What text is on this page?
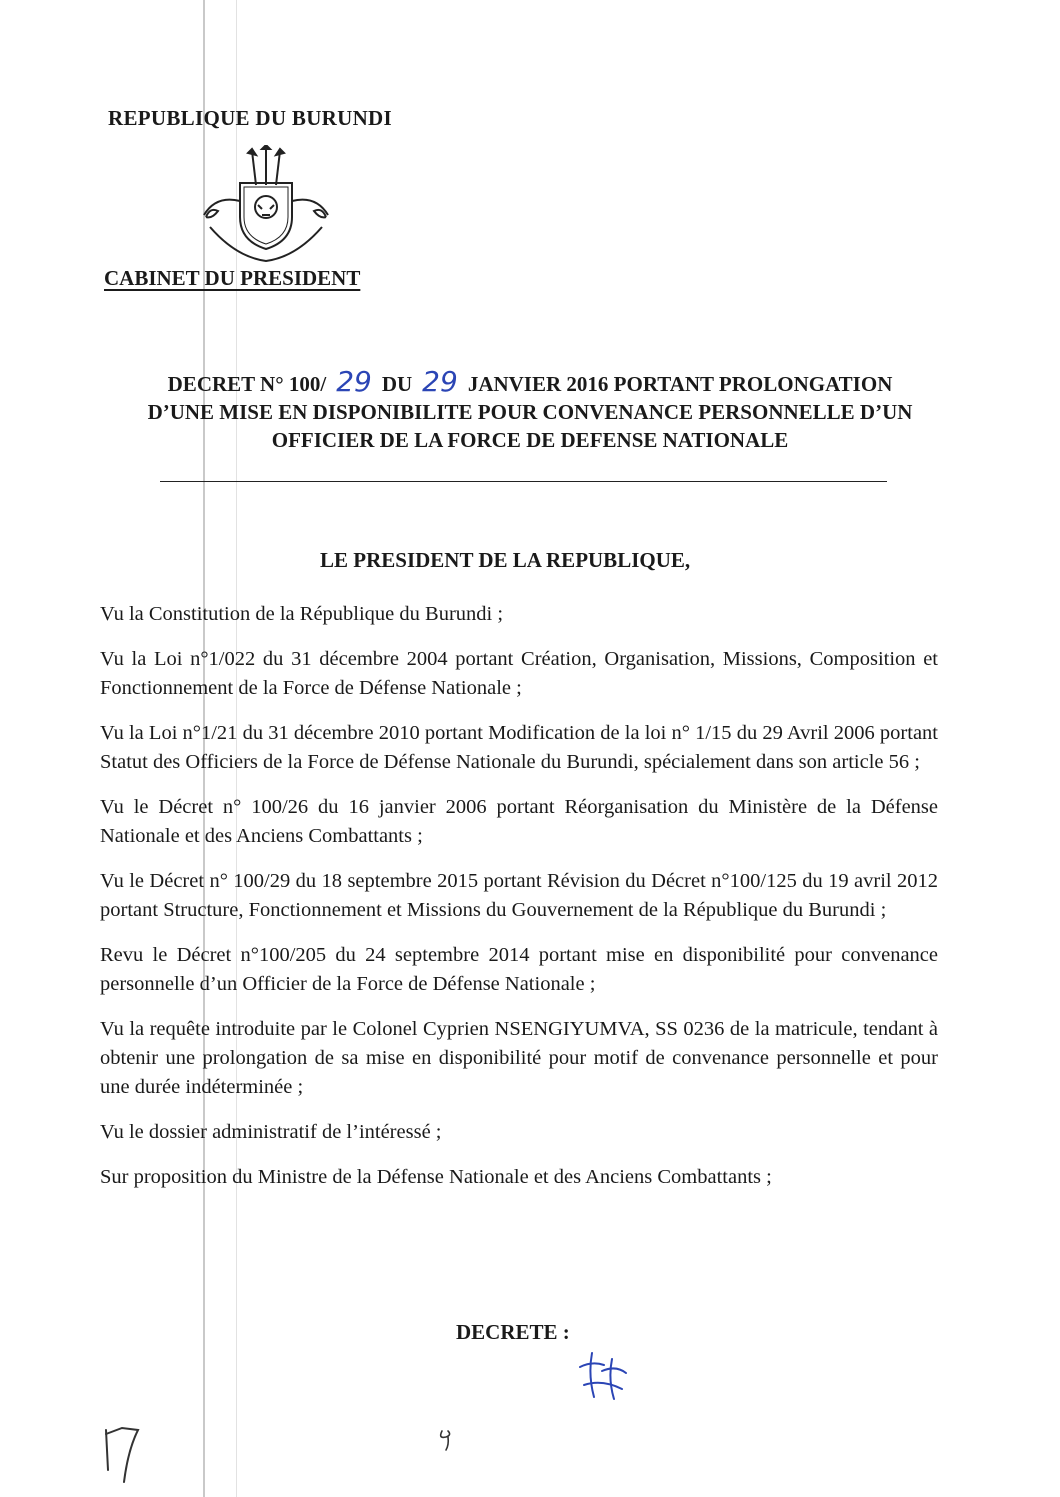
REPUBLIQUE DU BURUNDI
CABINET DU PRESIDENT
DECRET N° 100/ 29 DU 29 JANVIER 2016 PORTANT PROLONGATION
D’UNE MISE EN DISPONIBILITE POUR CONVENANCE PERSONNELLE D’UN
OFFICIER DE LA FORCE DE DEFENSE NATIONALE
LE PRESIDENT DE LA REPUBLIQUE,

Vu la Constitution de la République du Burundi ;

Vu la Loi n°1/022 du 31 décembre 2004 portant Création, Organisation, Missions, Composition et Fonctionnement de la Force de Défense Nationale ;

Vu la Loi n°1/21 du 31 décembre 2010 portant Modification de la loi n° 1/15 du 29 Avril 2006 portant Statut des Officiers de la Force de Défense Nationale du Burundi, spécialement dans son article 56 ;

Vu le Décret n° 100/26 du 16 janvier 2006 portant Réorganisation du Ministère de la Défense Nationale et des Anciens Combattants ;

Vu le Décret n° 100/29 du 18 septembre 2015 portant Révision du Décret n°100/125 du 19 avril 2012 portant Structure, Fonctionnement et Missions du Gouvernement de la République du Burundi ;

Revu le Décret n°100/205 du 24 septembre 2014 portant mise en disponibilité pour convenance personnelle d’un Officier de la Force de Défense Nationale ;

Vu la requête introduite par le Colonel Cyprien NSENGIYUMVA, SS 0236 de la matricule, tendant à obtenir une prolongation de sa mise en disponibilité pour motif de convenance personnelle et pour une durée indéterminée ;

Vu le dossier administratif de l’intéressé ;

Sur proposition du Ministre de la Défense Nationale et des Anciens Combattants ;

DECRETE :
